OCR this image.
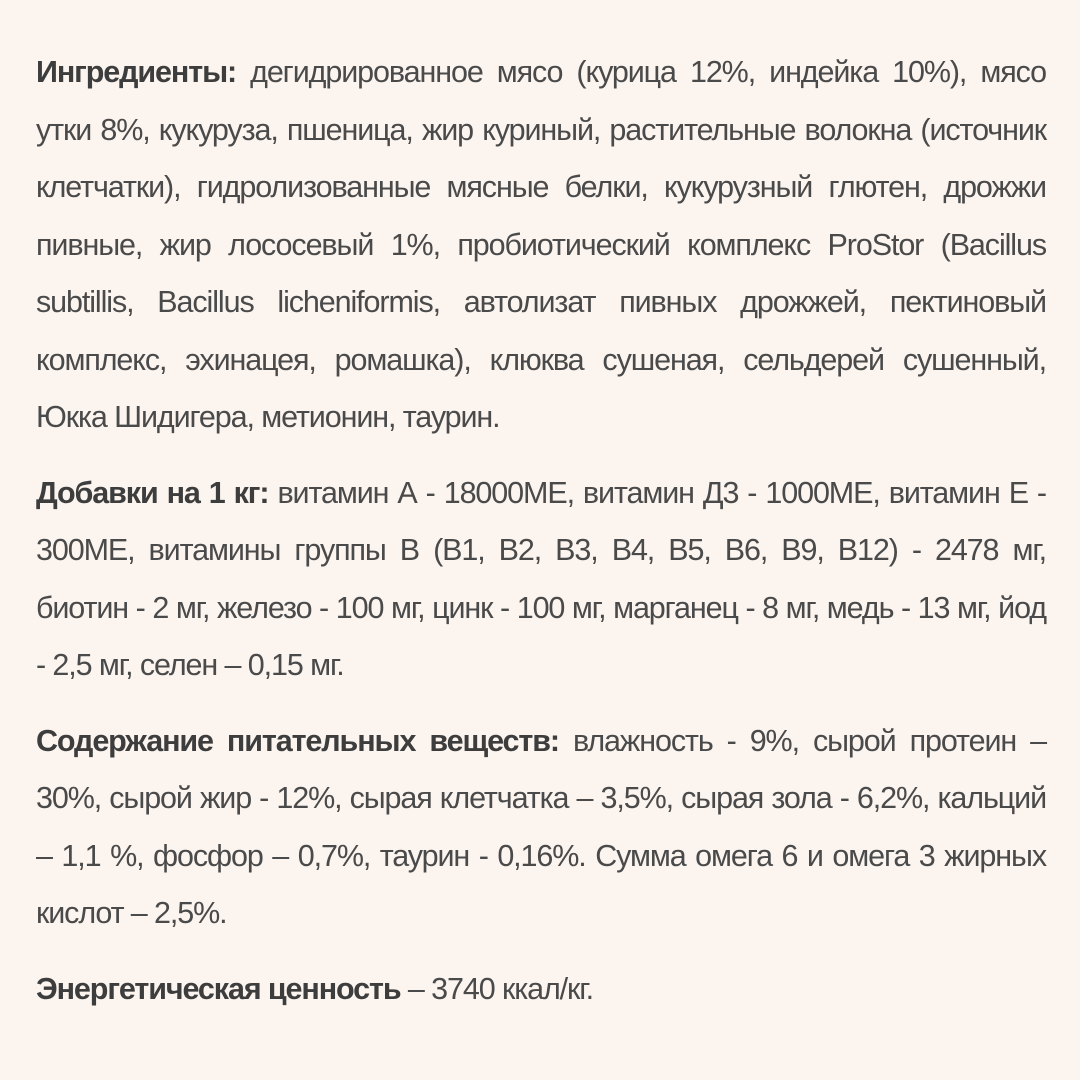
Ингредиенты: дегидрированное мясо (курица 12%, индейка 10%), мясо утки 8%, кукуруза, пшеница, жир куриный, растительные волокна (источник клетчатки), гидролизованные мясные белки, кукурузный глютен, дрожжи пивные, жир лососевый 1%, пробиотический комплекс ProStor (Bacillus subtillis, Bacillus licheniformis, автолизат пивных дрожжей, пектиновый комплекс, эхинацея, ромашка), клюква сушеная, сельдерей сушенный, Юкка Шидигера, метионин, таурин.

Добавки на 1 кг: витамин А - 18000МЕ, витамин Д3 - 1000МЕ, витамин Е - 300МЕ, витамины группы В (В1, В2, В3, В4, В5, В6, В9, В12) - 2478 мг, биотин - 2 мг, железо - 100 мг, цинк - 100 мг, марганец - 8 мг, медь - 13 мг, йод - 2,5 мг, селен – 0,15 мг.

Содержание питательных веществ: влажность - 9%, сырой протеин – 30%, сырой жир - 12%, сырая клетчатка – 3,5%, сырая зола - 6,2%, кальций – 1,1 %, фосфор – 0,7%, таурин - 0,16%. Сумма омега 6 и омега 3 жирных кислот – 2,5%.

Энергетическая ценность – 3740 ккал/кг.
